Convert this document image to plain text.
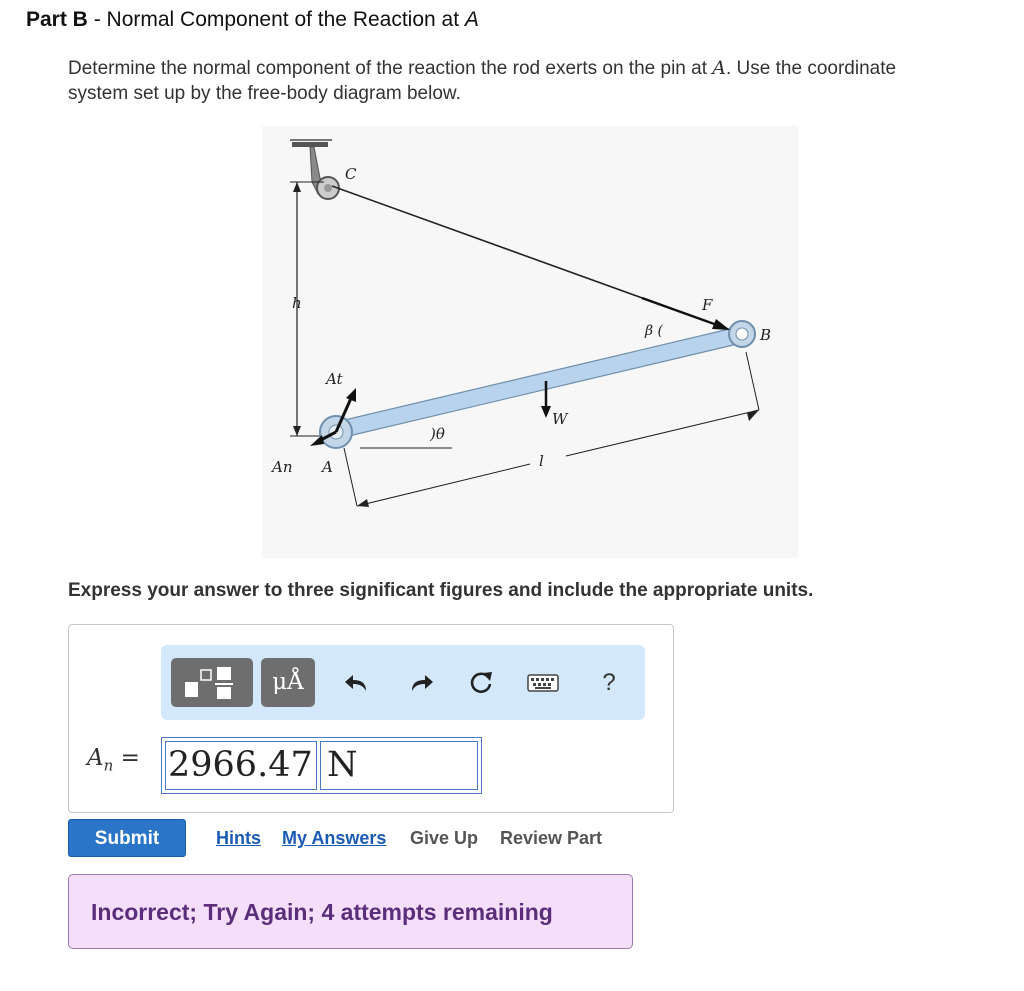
Part B - Normal Component of the Reaction at A
Determine the normal component of the reaction the rod exerts on the pin at A. Use the coordinate system set up by the free-body diagram below.
h	F
β (	B
C
At
An A
)θ
W
l
Express your answer to three significant figures and include the appropriate units.
μÅ	?
$A_n = 2966.47$ N
Submit	Hints My Answers Give Up Review Part
Incorrect; Try Again; 4 attempts remaining
